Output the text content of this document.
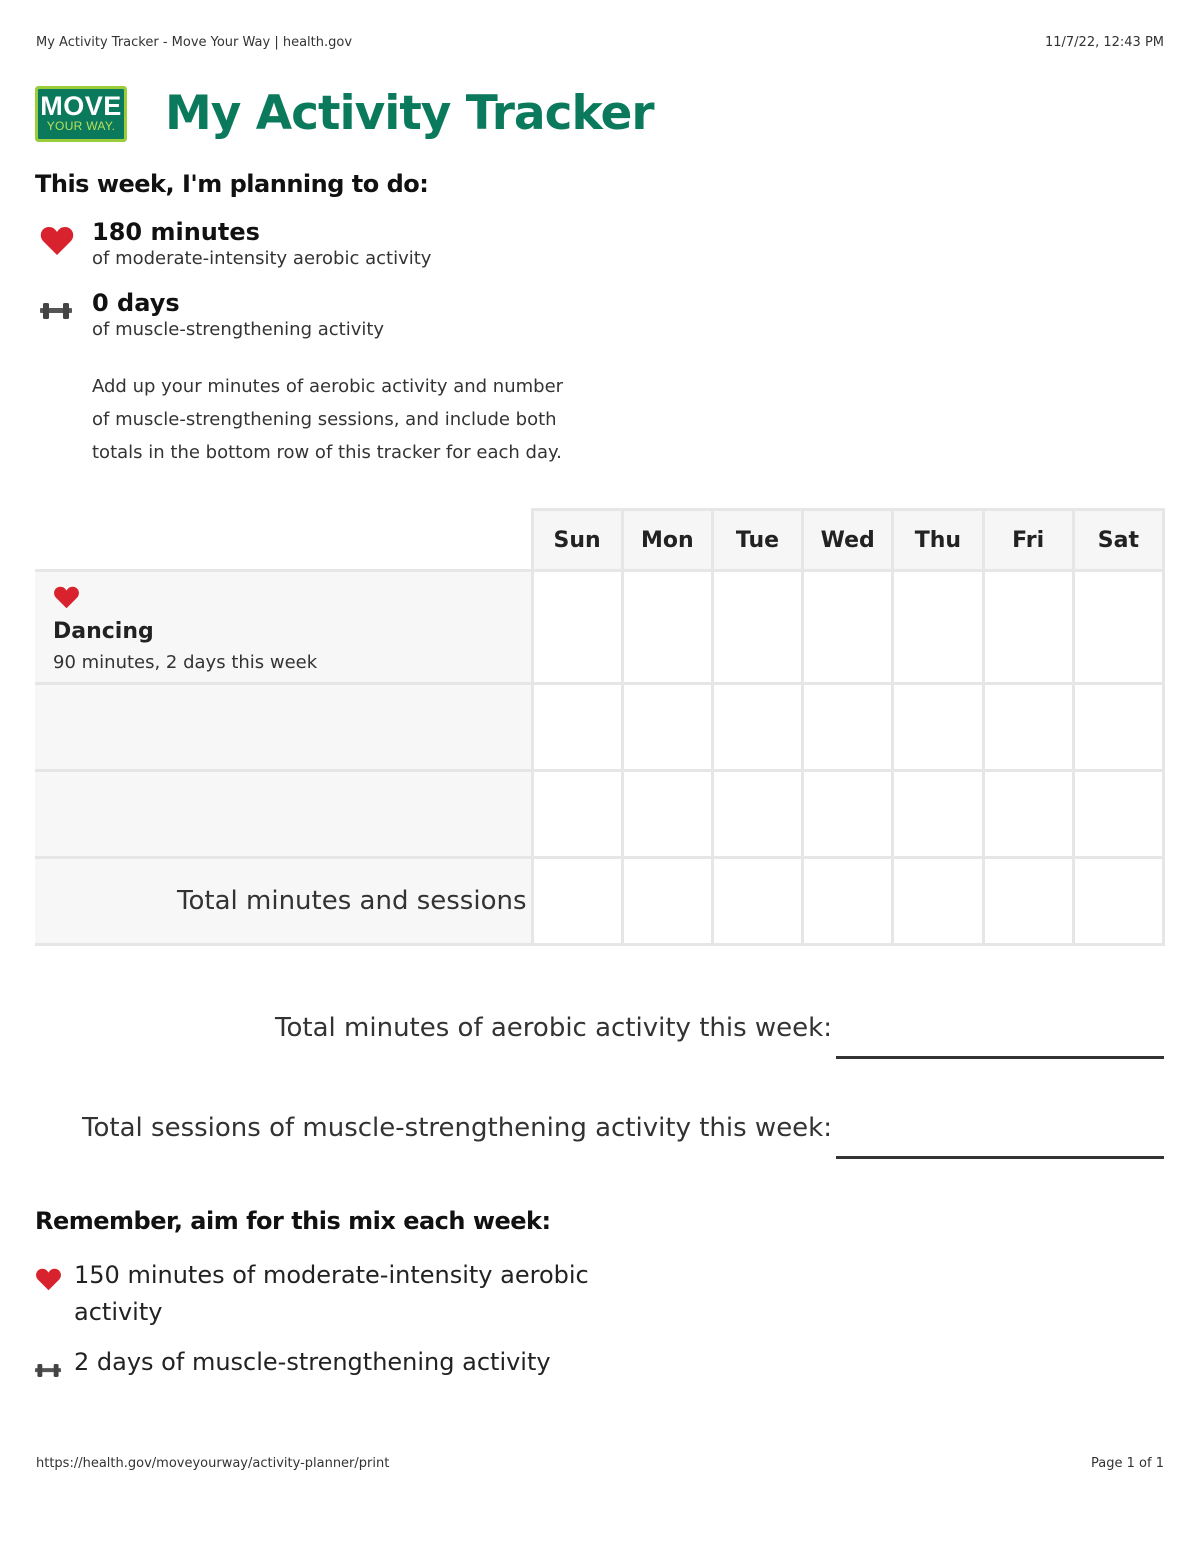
My Activity Tracker - Move Your Way | health.gov	11/7/22, 12:43 PM
MOVE
YOUR WAY. My Activity Tracker
This week, I'm planning to do:
180 minutes
of moderate-intensity aerobic activity
0 days
of muscle-strengthening activity

Add up your minutes of aerobic activity and number of muscle-strengthening sessions, and include both totals in the bottom row of this tracker for each day.

	Sun	Mon	Tue	Wed	Thu	Fri	Sat

Dancing
90 minutes, 2 days this week							

Total minutes and sessions							
Total minutes of aerobic activity this week:
Total sessions of muscle-strengthening activity this week:
Remember, aim for this mix each week:
150 minutes of moderate-intensity aerobic activity
2 days of muscle-strengthening activity
https://health.gov/moveyourway/activity-planner/print	Page 1 of 1
